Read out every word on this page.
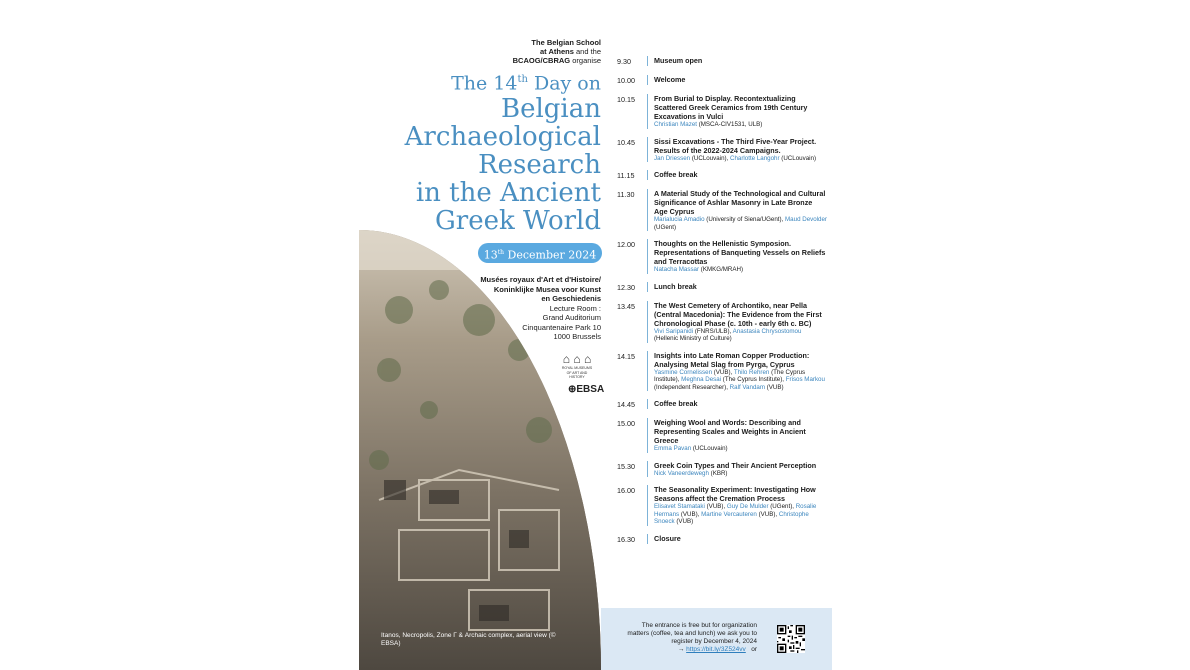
The Belgian School
at Athens and the
BCAOG/CBRAG organise
The 14th Day on
Belgian
Archaeological
Research
in the Ancient
Greek World
Itanos, Necropolis, Zone Γ & Archaic complex, aerial view (© EBSA)
13th December 2024
Musées royaux d'Art et d'Histoire/
Koninklijke Musea voor Kunst
en Geschiedenis
Lecture Room :
Grand Auditorium
Cinquantenaire Park 10
1000 Brussels
⌂ ⌂ ⌂
ROYAL MUSEUMS OF ART AND HISTORY
⊕EBSA
9.30	Museum open
10.00	Welcome
10.15	From Burial to Display. Recontextualizing Scattered Greek Ceramics from 19th Century Excavations in Vulci
Christian Mazet (MSCA-CIV1531, ULB)
10.45	Sissi Excavations - The Third Five-Year Project. Results of the 2022-2024 Campaigns.
Jan Driessen (UCLouvain), Charlotte Langohr (UCLouvain)
11.15	Coffee break
11.30	A Material Study of the Technological and Cultural Significance of Ashlar Masonry in Late Bronze Age Cyprus
Marialucia Amadio (University of Siena/UGent), Maud Devolder (UGent)
12.00	Thoughts on the Hellenistic Symposion. Representations of Banqueting Vessels on Reliefs and Terracottas
Natacha Massar (KMKG/MRAH)
12.30	Lunch break
13.45	The West Cemetery of Archontiko, near Pella (Central Macedonia): The Evidence from the First Chronological Phase (c. 10th - early 6th c. BC)
Vivi Saripanidi (FNRS/ULB), Anastasia Chrysostomou (Hellenic Ministry of Culture)
14.15	Insights into Late Roman Copper Production: Analysing Metal Slag from Pyrga, Cyprus
Yasmine Cornelissen (VUB), Thilo Rehren (The Cyprus Institute), Meghna Desai (The Cyprus Institute), Frisos Markou (Independent Researcher), Ralf Vandam (VUB)
14.45	Coffee break
15.00	Weighing Wool and Words: Describing and Representing Scales and Weights in Ancient Greece
Emma Pavan (UCLouvain)
15.30	Greek Coin Types and Their Ancient Perception
Nick Vaneerdewegh (KBR)
16.00	The Seasonality Experiment: Investigating How Seasons affect the Cremation Process
Elisavet Stamataki (VUB), Guy De Mulder (UGent), Rosalie Hermans (VUB), Martine Vercauteren (VUB), Christophe Snoeck (VUB)
16.30	Closure
The entrance is free but for organization
matters (coffee, tea and lunch) we ask you to
register by December 4, 2024
→ https://bit.ly/3Z524vv or
